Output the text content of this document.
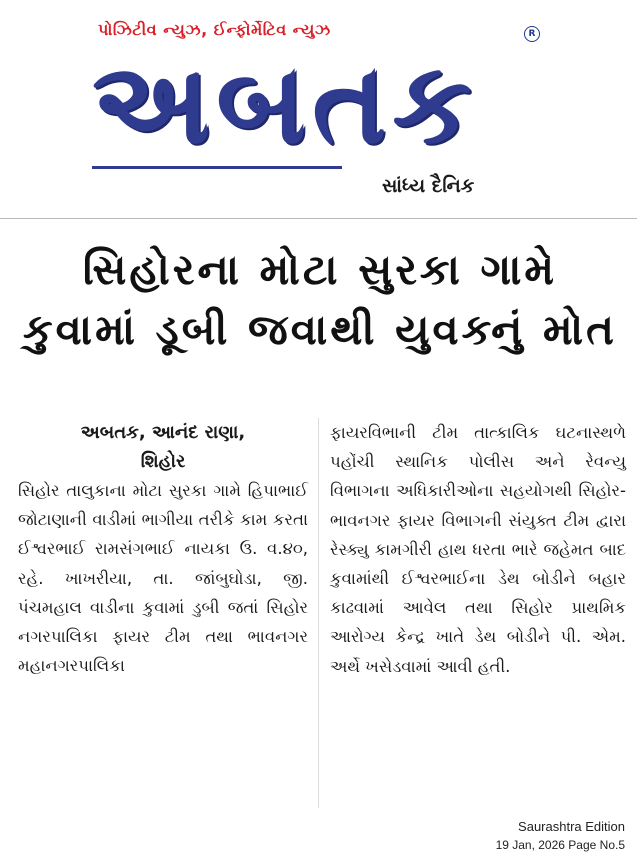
પોઝિટીવ ન્યુઝ, ઈન્ફોર્મેટિવ ન્યુઝ	R
અબતક
સાંધ્ય દૈનિક
સિહોરના મોટા સુરકા ગામે
કુવામાં ડૂબી જવાથી યુવક્નું મોત
અબતક, આનંદ રાણા,
શિહોર
સિહોર તાલુકાના મોટા સુરકા ગામે હિપાભાઈ જોટાણાની વાડીમાં ભાગીયા તરીકે કામ કરતા ઈશ્વરભાઈ રામસંગભાઈ નાયકા ઉ. વ.૪૦, રહે. ખાખરીયા, તા. જાંબુઘોડા, જી. પંચમહાલ વાડીના કુવામાં ડુબી જતાં સિહોર નગરપાલિકા ફાયર ટીમ તથા ભાવનગર મહાનગરપાલિકા
ફાયરવિભાની ટીમ તાત્કાલિક ઘટનાસ્થળે પહોંચી સ્થાનિક પોલીસ અને રેવન્યુ વિભાગના અધિકારીઓના સહયોગથી સિહોર- ભાવનગર ફાયર વિભાગની સંયુક્ત ટીમ દ્વારા રેસ્ક્યુ કામગીરી હાથ ધરતા ભારે જહેમત બાદ કુવામાંથી ઈશ્વરભાઈના ડેથ બોડીને બહાર કાઢવામાં આવેલ તથા સિહોર પ્રાથમિક આરોગ્ય કેન્દ્ર ખાતે ડેથ બોડીને પી. એમ. અર્થે ખસેડવામાં આવી હતી.
Saurashtra Edition
19 Jan, 2026 Page No.5
